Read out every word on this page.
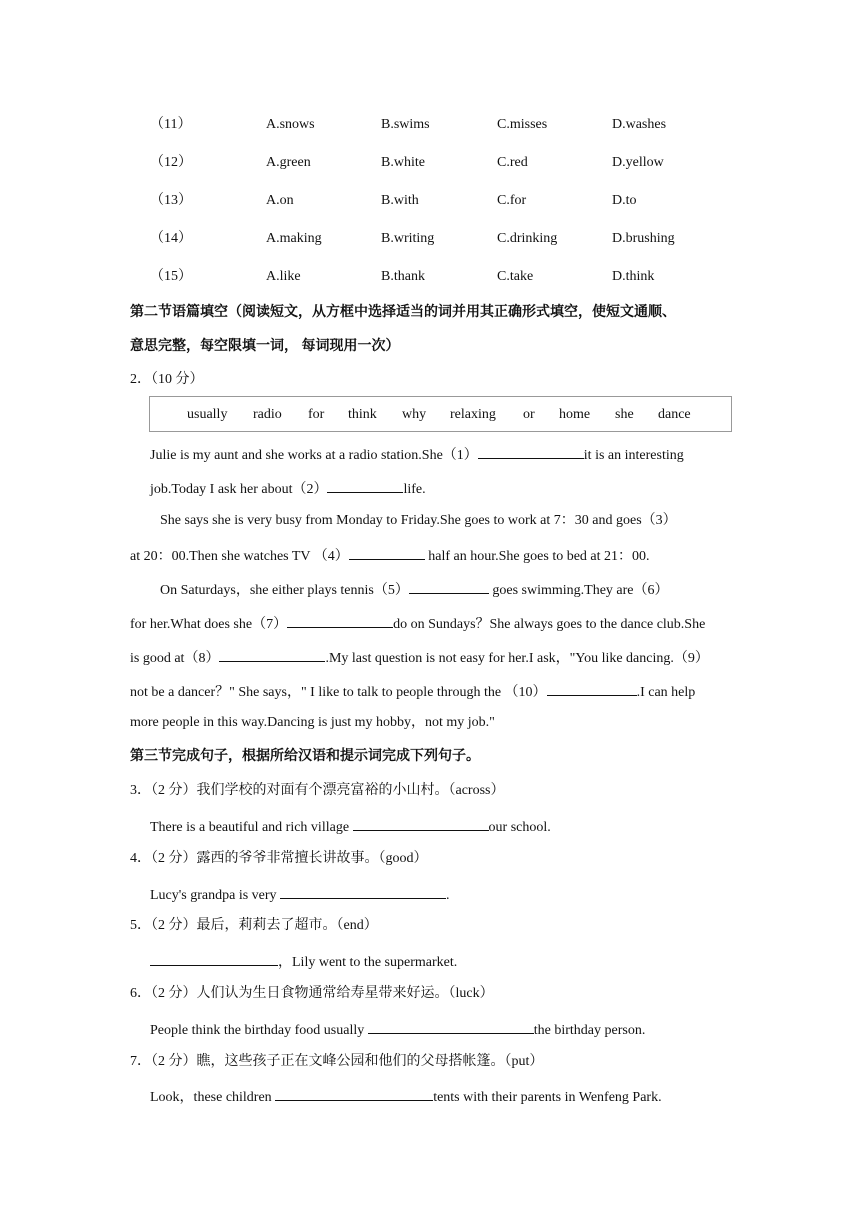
（11）	A.snows	B.swims	C.misses	D.washes
（12）	A.green	B.white	C.red	D.yellow
（13）	A.on	B.with	C.for	D.to
（14）	A.making	B.writing	C.drinking	D.brushing
（15）	A.like	B.thank	C.take	D.think
第二节语篇填空（阅读短文，从方框中选择适当的词并用其正确形式填空，使短文通顺、
意思完整，每空限填一词， 每词现用一次）
2．（10 分）
usually radio for think why relaxing or home she dance
Julie is my aunt and she works at a radio station.She（1）	it is an interesting
job.Today I ask her about（2）	life.
She says she is very busy from Monday to Friday.She goes to work at 7：30 and goes（3）
at 20：00.Then she watches TV （4）	half an hour.She goes to bed at 21：00.
On Saturdays，she either plays tennis（5）	goes swimming.They are（6）
for her.What does she（7）	do on Sundays？She always goes to the dance club.She
is good at（8）	.My last question is not easy for her.I ask，"You like dancing.（9）
not be a dancer？" She says，" I like to talk to people through the （10）	.I can help
more people in this way.Dancing is just my hobby，not my job."
第三节完成句子，根据所给汉语和提示词完成下列句子。
3．（2 分）我们学校的对面有个漂亮富裕的小山村。（across）
There is a beautiful and rich village	our school.
4．（2 分）露西的爷爷非常擅长讲故事。（good）
Lucy's grandpa is very	.
5．（2 分）最后，莉莉去了超市。（end）
，Lily went to the supermarket.
6．（2 分）人们认为生日食物通常给寿星带来好运。（luck）
People think the birthday food usually	the birthday person.
7．（2 分）瞧，这些孩子正在文峰公园和他们的父母搭帐篷。（put）
Look，these children	tents with their parents in Wenfeng Park.
